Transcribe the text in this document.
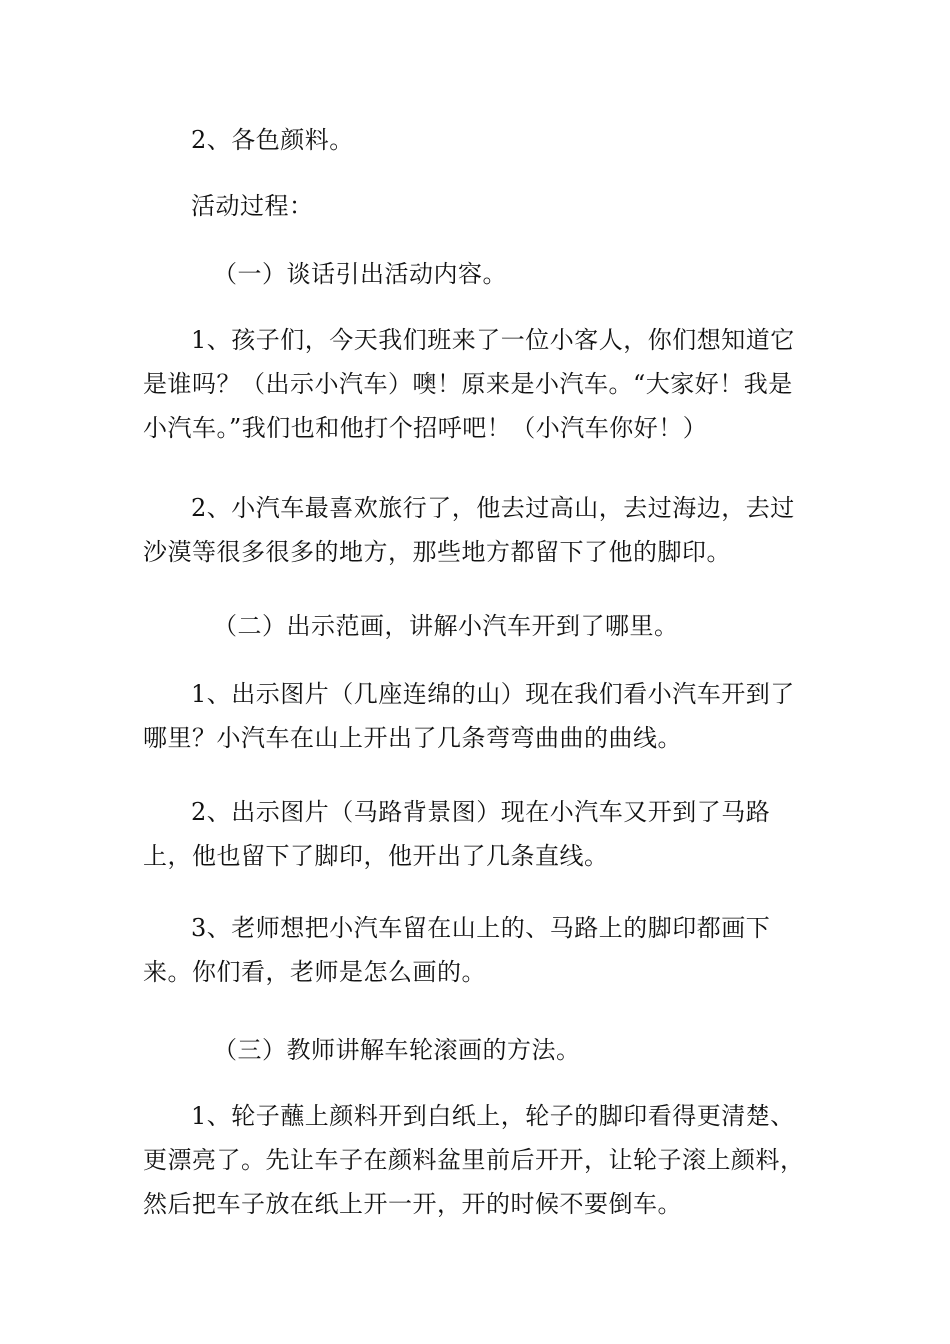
2、各色颜料。

活动过程：

（一）谈话引出活动内容。

1、孩子们，今天我们班来了一位小客人，你们想知道它是谁吗？（出示小汽车）噢！原来是小汽车。“大家好！我是小汽车。”我们也和他打个招呼吧！（小汽车你好！）

2、小汽车最喜欢旅行了，他去过高山，去过海边，去过沙漠等很多很多的地方，那些地方都留下了他的脚印。

（二）出示范画，讲解小汽车开到了哪里。

1、出示图片（几座连绵的山）现在我们看小汽车开到了哪里？小汽车在山上开出了几条弯弯曲曲的曲线。

2、出示图片（马路背景图）现在小汽车又开到了马路上，他也留下了脚印，他开出了几条直线。

3、老师想把小汽车留在山上的、马路上的脚印都画下来。你们看，老师是怎么画的。

（三）教师讲解车轮滚画的方法。

1、轮子蘸上颜料开到白纸上，轮子的脚印看得更清楚、更漂亮了。先让车子在颜料盆里前后开开，让轮子滚上颜料，然后把车子放在纸上开一开，开的时候不要倒车。
